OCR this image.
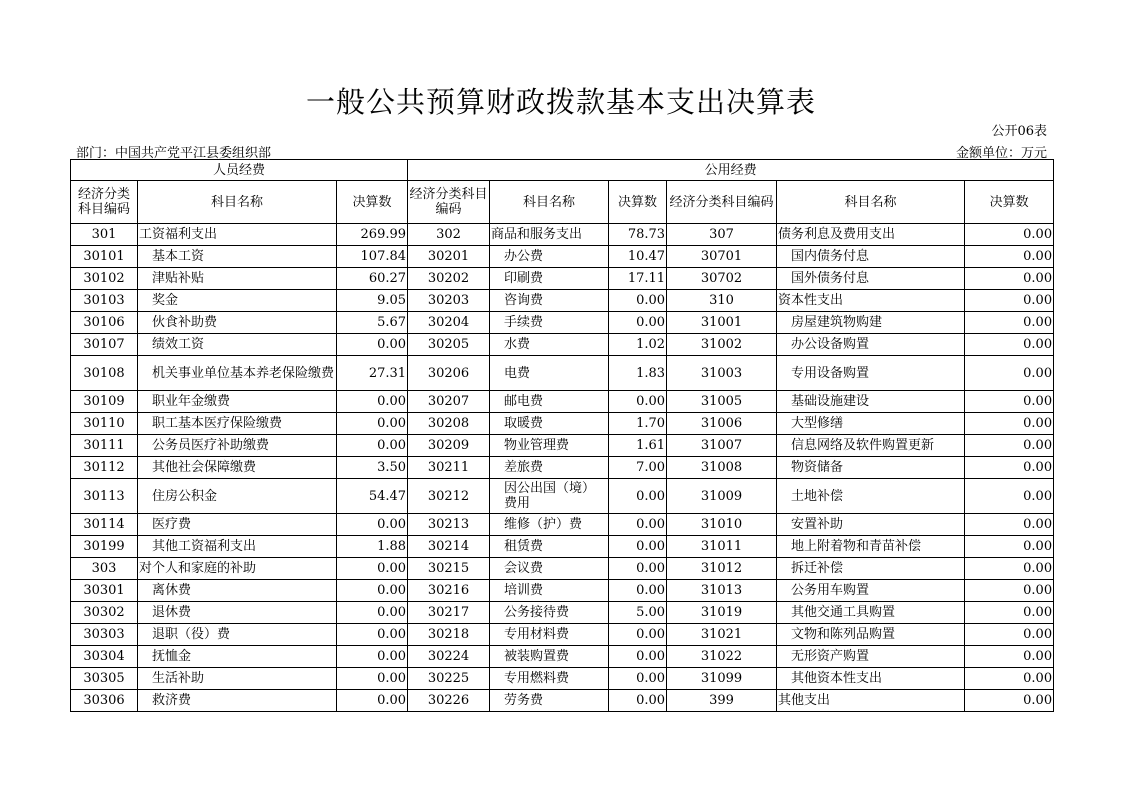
一般公共预算财政拨款基本支出决算表
公开06表
部门：中国共产党平江县委组织部	金额单位：万元
人员经费			公用经费					
经济分类科目编码	科目名称	决算数	经济分类科目编码	科目名称	决算数	经济分类科目编码	科目名称	决算数
301	工资福利支出	269.99	302	商品和服务支出	78.73	307	债务利息及费用支出	0.00
30101	基本工资	107.84	30201	办公费	10.47	30701	国内债务付息	0.00
30102	津贴补贴	60.27	30202	印刷费	17.11	30702	国外债务付息	0.00
30103	奖金	9.05	30203	咨询费	0.00	310	资本性支出	0.00
30106	伙食补助费	5.67	30204	手续费	0.00	31001	房屋建筑物购建	0.00
30107	绩效工资	0.00	30205	水费	1.02	31002	办公设备购置	0.00
30108	机关事业单位基本养老保险缴费	27.31	30206	电费	1.83	31003	专用设备购置	0.00
30109	职业年金缴费	0.00	30207	邮电费	0.00	31005	基础设施建设	0.00
30110	职工基本医疗保险缴费	0.00	30208	取暖费	1.70	31006	大型修缮	0.00
30111	公务员医疗补助缴费	0.00	30209	物业管理费	1.61	31007	信息网络及软件购置更新	0.00
30112	其他社会保障缴费	3.50	30211	差旅费	7.00	31008	物资储备	0.00
30113	住房公积金	54.47	30212	因公出国（境）费用	0.00	31009	土地补偿	0.00
30114	医疗费	0.00	30213	维修（护）费	0.00	31010	安置补助	0.00
30199	其他工资福利支出	1.88	30214	租赁费	0.00	31011	地上附着物和青苗补偿	0.00
303	对个人和家庭的补助	0.00	30215	会议费	0.00	31012	拆迁补偿	0.00
30301	离休费	0.00	30216	培训费	0.00	31013	公务用车购置	0.00
30302	退休费	0.00	30217	公务接待费	5.00	31019	其他交通工具购置	0.00
30303	退职（役）费	0.00	30218	专用材料费	0.00	31021	文物和陈列品购置	0.00
30304	抚恤金	0.00	30224	被装购置费	0.00	31022	无形资产购置	0.00
30305	生活补助	0.00	30225	专用燃料费	0.00	31099	其他资本性支出	0.00
30306	救济费	0.00	30226	劳务费	0.00	399	其他支出	0.00
